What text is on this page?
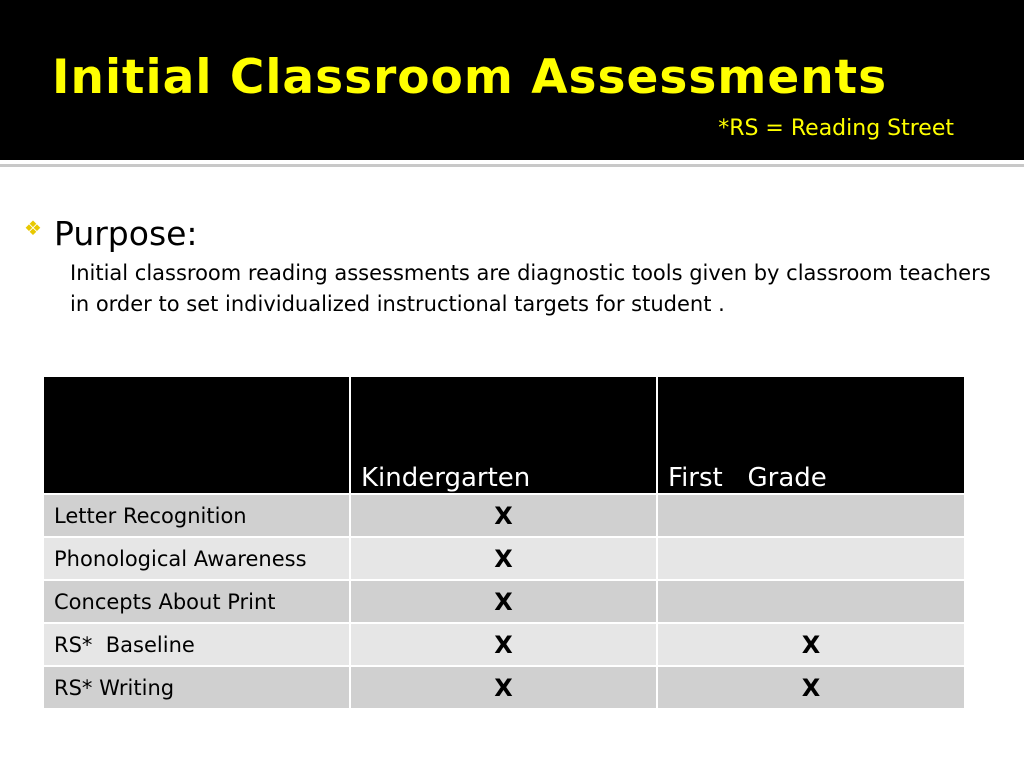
Initial Classroom Assessments
*RS = Reading Street
❖ Purpose:
Initial classroom reading assessments are diagnostic tools given by classroom teachers in order to set individualized instructional targets for student .
	Kindergarten	First   Grade
Letter Recognition	X	
Phonological Awareness	X	
Concepts About Print	X	
RS*  Baseline	X	X
RS* Writing	X	X
